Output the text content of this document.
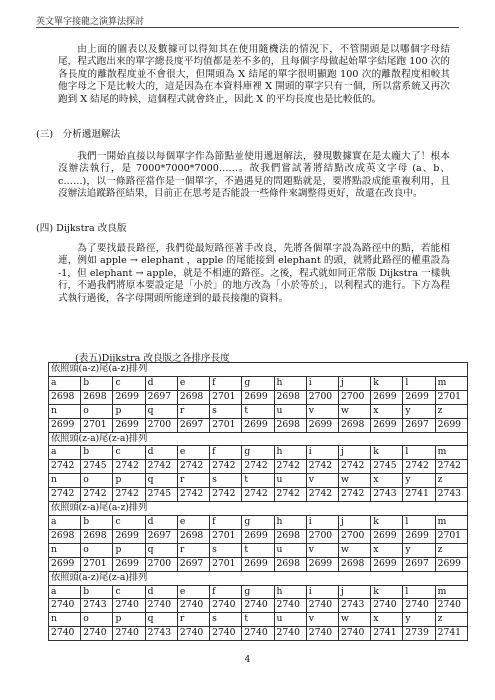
英文單字接龍之演算法探討
由上面的圖表以及數據可以得知其在使用隨機法的情況下，不管開頭是以哪個字母結尾，程式跑出來的單字總長度平均值都是差不多的，且每個字母做起始單字結尾跑 100 次的各長度的離散程度並不會很大，但開頭為 X 結尾的單字很明顯跑 100 次的離散程度相較其他字母之下是比較大的，這是因為在本資料庫裡 X 開頭的單字只有一個，所以當系統又再次跑到 X 結尾的時候，這個程式就會終止，因此 X 的平均長度也是比較低的。
(三)　分析遞迴解法
我們一開始直接以每個單字作為節點並使用遞迴解法，發現數據實在是太龐大了！根本沒辦法執行，是 7000*7000*7000……。故我們嘗試著將結點改成英文字母 (a、b、c……)，以一條路徑當作是一個單字，不過遇見的問題點就是，要將點設成能重複利用，且沒辦法追蹤路徑結果，目前正在思考是否能設一些條件來調整得更好，故還在改良中。
(四) Dijkstra 改良版
為了要找最長路徑，我們從最短路徑著手改良，先將各個單字設為路徑中的點，若能相連，例如 apple → elephant ，apple 的尾能接到 elephant 的頭，就將此路徑的權重設為 -1，但 elephant → apple，就是不相連的路徑。之後，程式就如同正常版 Dijkstra 一樣執行，不過我們將原本要設定是「小於」的地方改為「小於等於」，以利程式的進行。下方為程式執行過後，各字母開頭所能達到的最長接龍的資料。
(表五)Dijkstra 改良版之各排序長度
依照頭(a-z)尾(a-z)排列												
a	b	c	d	e	f	g	h	i	j	k	l	m
2698	2698	2699	2697	2698	2701	2699	2698	2700	2700	2699	2699	2701
n	o	p	q	r	s	t	u	v	w	x	y	z
2699	2701	2699	2700	2697	2701	2699	2698	2699	2698	2699	2697	2699
依照頭(z-a)尾(z-a)排列												
a	b	c	d	e	f	g	h	i	j	k	l	m
2742	2745	2742	2742	2742	2742	2742	2742	2742	2742	2745	2742	2742
n	o	p	q	r	s	t	u	v	w	x	y	z
2742	2742	2742	2745	2742	2742	2742	2742	2742	2742	2743	2741	2743
依照頭(z-a)尾(a-z)排列												
a	b	c	d	e	f	g	h	i	j	k	l	m
2698	2698	2699	2697	2698	2701	2699	2698	2700	2700	2699	2699	2701
n	o	p	q	r	s	t	u	v	w	x	y	z
2699	2701	2699	2700	2697	2701	2699	2698	2699	2698	2699	2697	2699
依照頭(a-z)尾(z-a)排列												
a	b	c	d	e	f	g	h	i	j	k	l	m
2740	2743	2740	2740	2740	2740	2740	2740	2740	2743	2740	2740	2740
n	o	p	q	r	s	t	u	v	w	x	y	z
2740	2740	2740	2743	2740	2740	2740	2740	2740	2740	2741	2739	2741
4
